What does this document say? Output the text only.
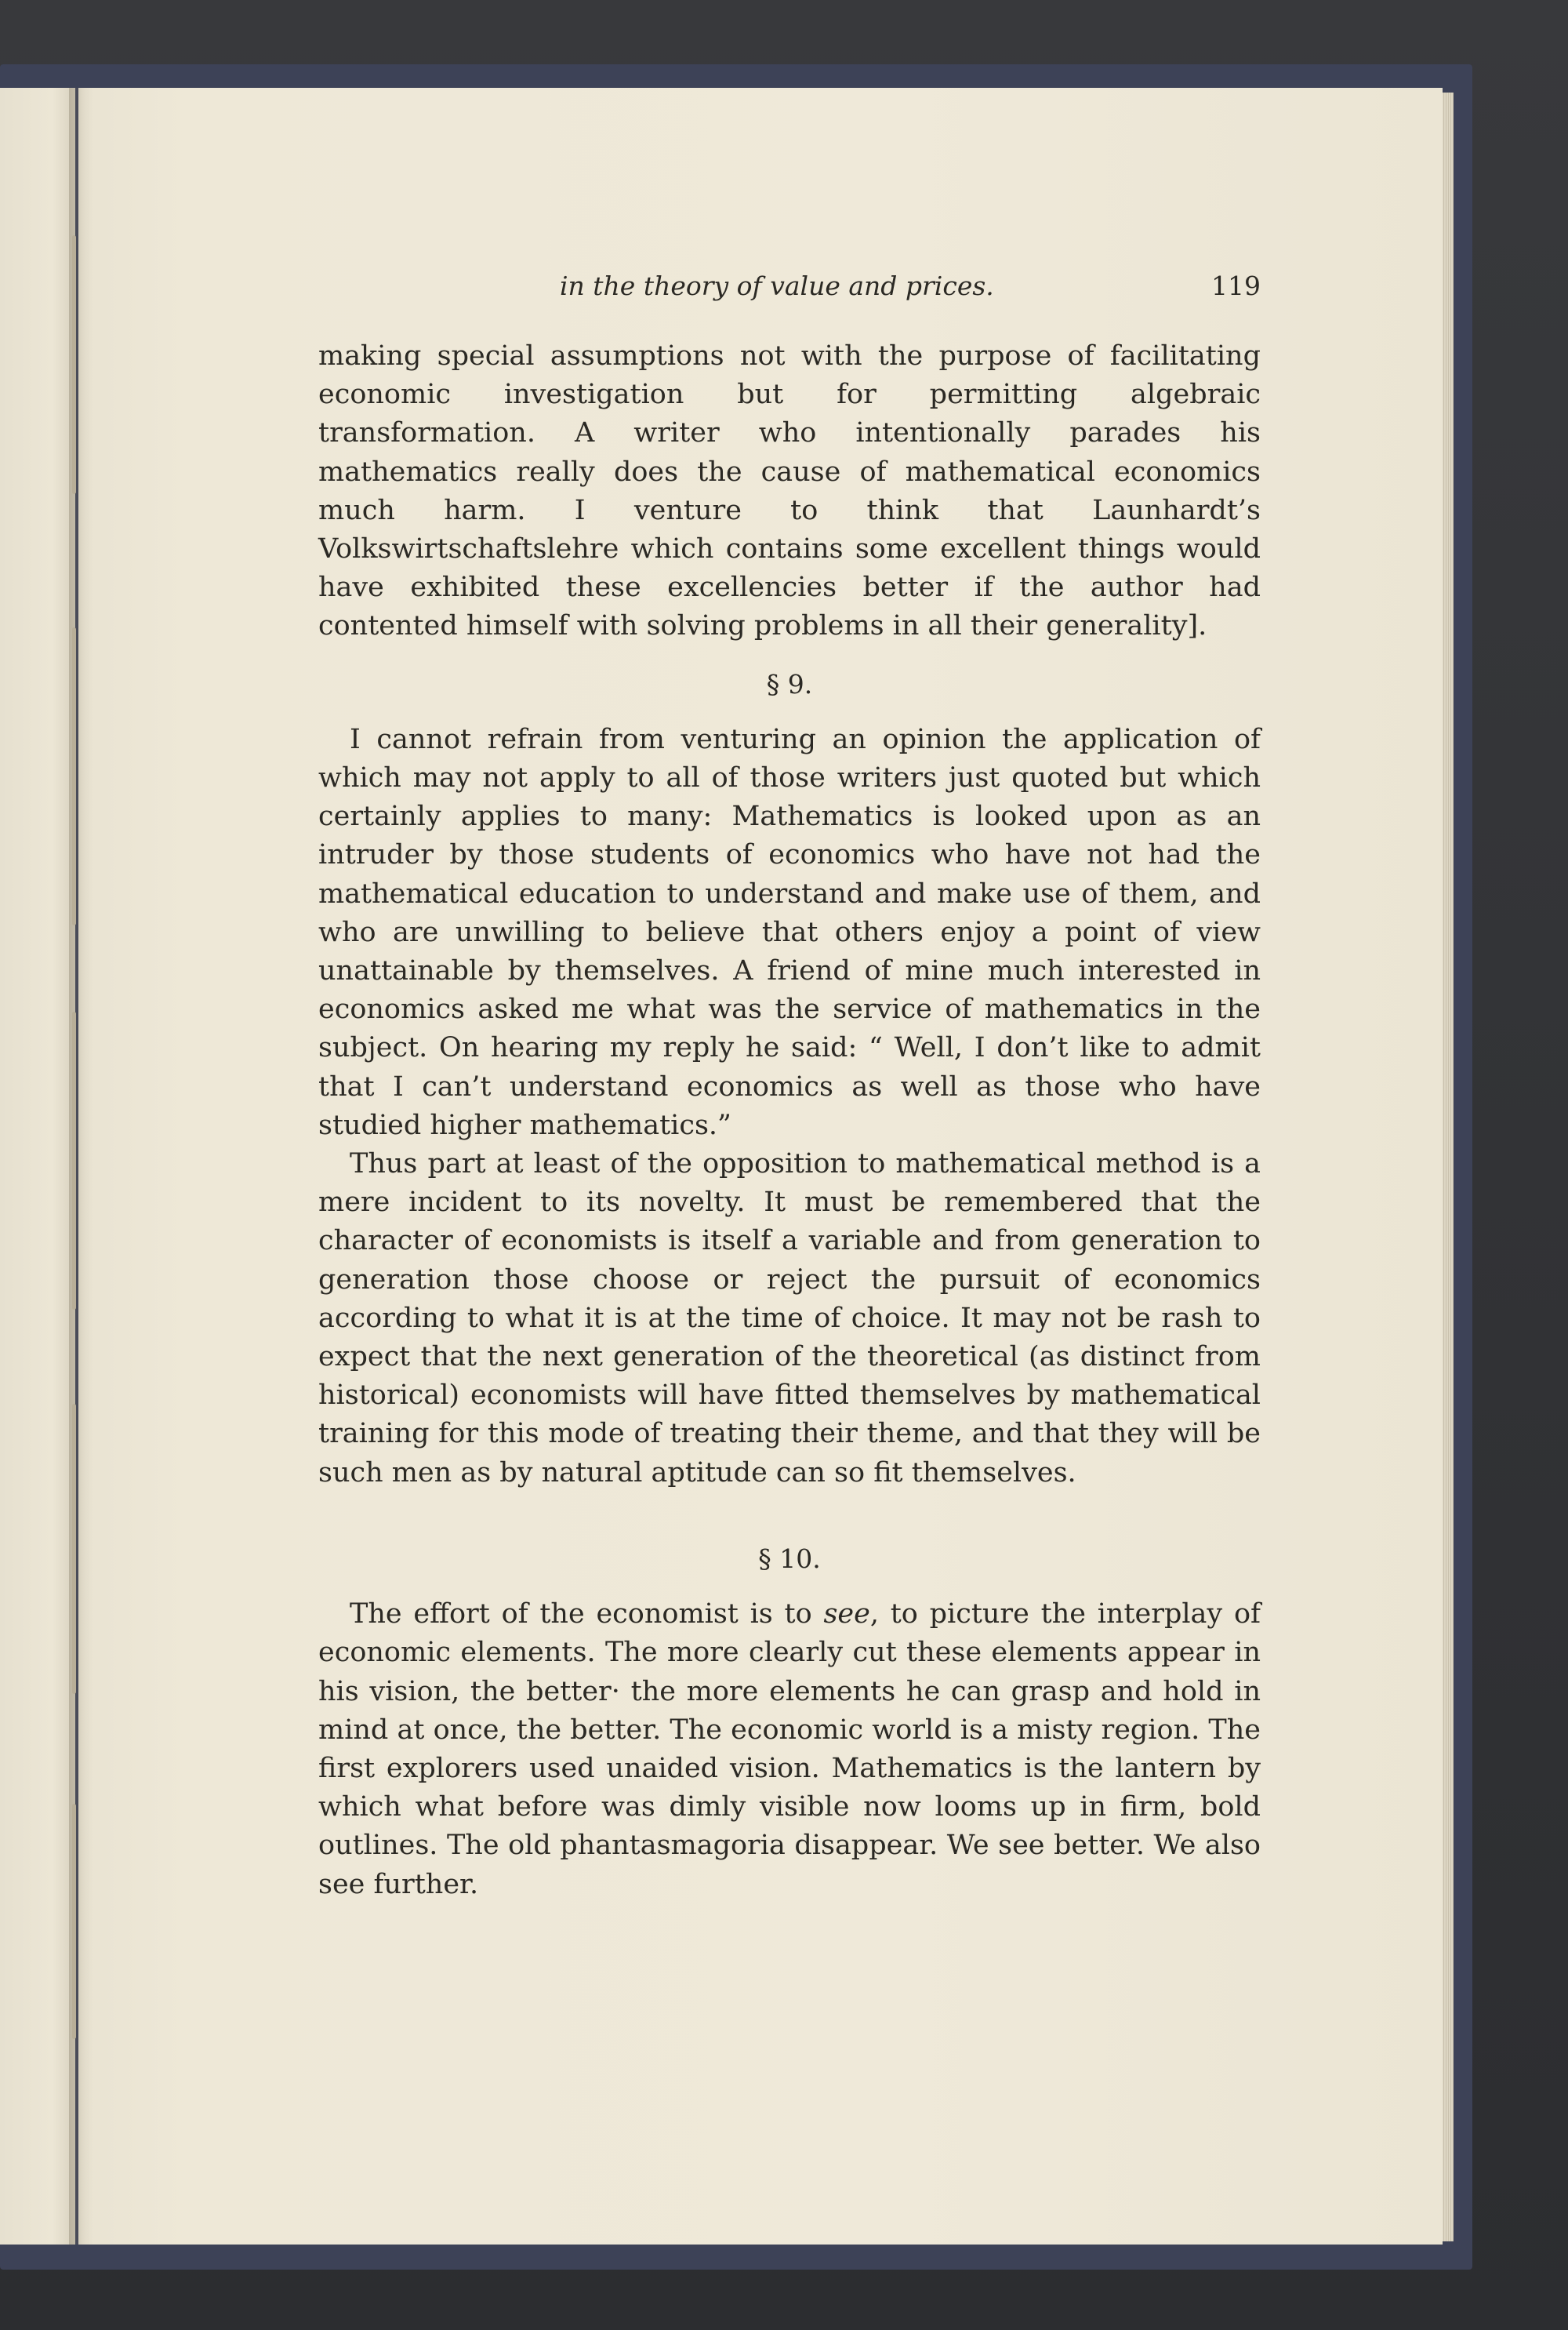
in the theory of value and prices.	119

making special assumptions not with the purpose of facilitating economic investigation but for permitting algebraic transformation. A writer who intentionally parades his mathematics really does the cause of mathematical economics much harm. I venture to think that Launhardt’s Volkswirtschaftslehre which contains some excellent things would have exhibited these excellencies better if the author had contented himself with solving problems in all their generality].

§ 9.

I cannot refrain from venturing an opinion the application of which may not apply to all of those writers just quoted but which certainly applies to many: Mathematics is looked upon as an intruder by those students of economics who have not had the mathematical education to understand and make use of them, and who are unwilling to believe that others enjoy a point of view unattainable by themselves. A friend of mine much interested in economics asked me what was the service of mathematics in the subject. On hearing my reply he said: “ Well, I don’t like to admit that I can’t understand economics as well as those who have studied higher mathematics.”

Thus part at least of the opposition to mathematical method is a mere incident to its novelty. It must be remembered that the character of economists is itself a variable and from generation to generation those choose or reject the pursuit of economics according to what it is at the time of choice. It may not be rash to expect that the next generation of the theoretical (as distinct from historical) economists will have fitted themselves by mathematical training for this mode of treating their theme, and that they will be such men as by natural aptitude can so fit themselves.

§ 10.

The effort of the economist is to see, to picture the interplay of economic elements. The more clearly cut these elements appear in his vision, the better· the more elements he can grasp and hold in mind at once, the better. The economic world is a misty region. The first explorers used unaided vision. Mathematics is the lantern by which what before was dimly visible now looms up in firm, bold outlines. The old phantasmagoria disappear. We see better. We also see further.
